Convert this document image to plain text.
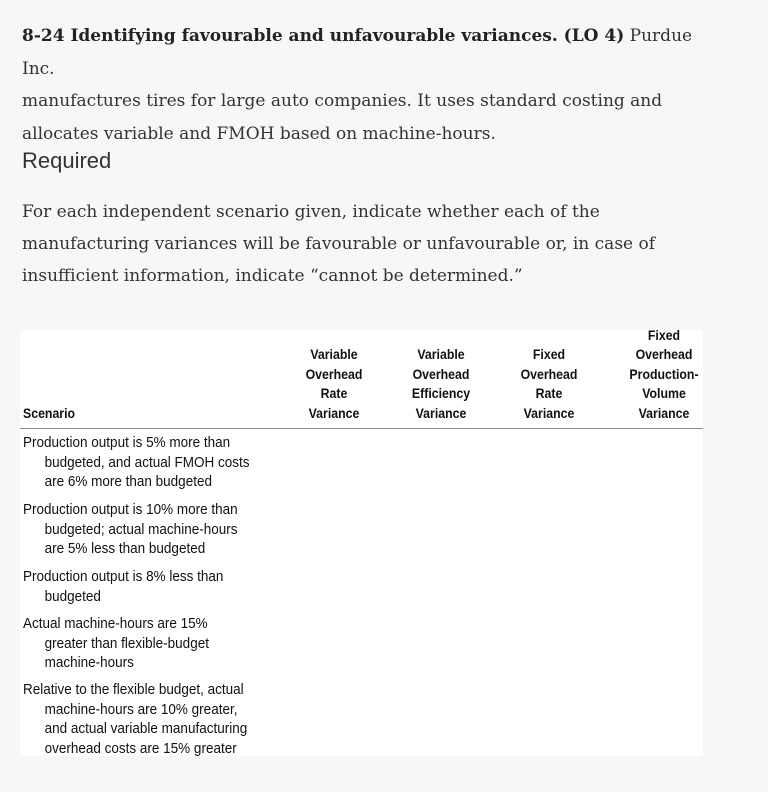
8-24 Identifying favourable and unfavourable variances. (LO 4) Purdue Inc.
manufactures tires for large auto companies. It uses standard costing and
allocates variable and FMOH based on machine-hours.
Required
For each independent scenario given, indicate whether each of the
manufacturing variances will be favourable or unfavourable or, in case of
insufficient information, indicate “cannot be determined.”
Variable
Overhead
Rate
Variance
Variable
Overhead
Efficiency
Variance
Fixed
Overhead
Rate
Variance
Fixed
Overhead
Production-
Volume
Variance
Scenario
Production output is 5% more than
budgeted, and actual FMOH costs
are 6% more than budgeted
Production output is 10% more than
budgeted; actual machine-hours
are 5% less than budgeted
Production output is 8% less than
budgeted
Actual machine-hours are 15%
greater than flexible-budget
machine-hours
Relative to the flexible budget, actual
machine-hours are 10% greater,
and actual variable manufacturing
overhead costs are 15% greater
